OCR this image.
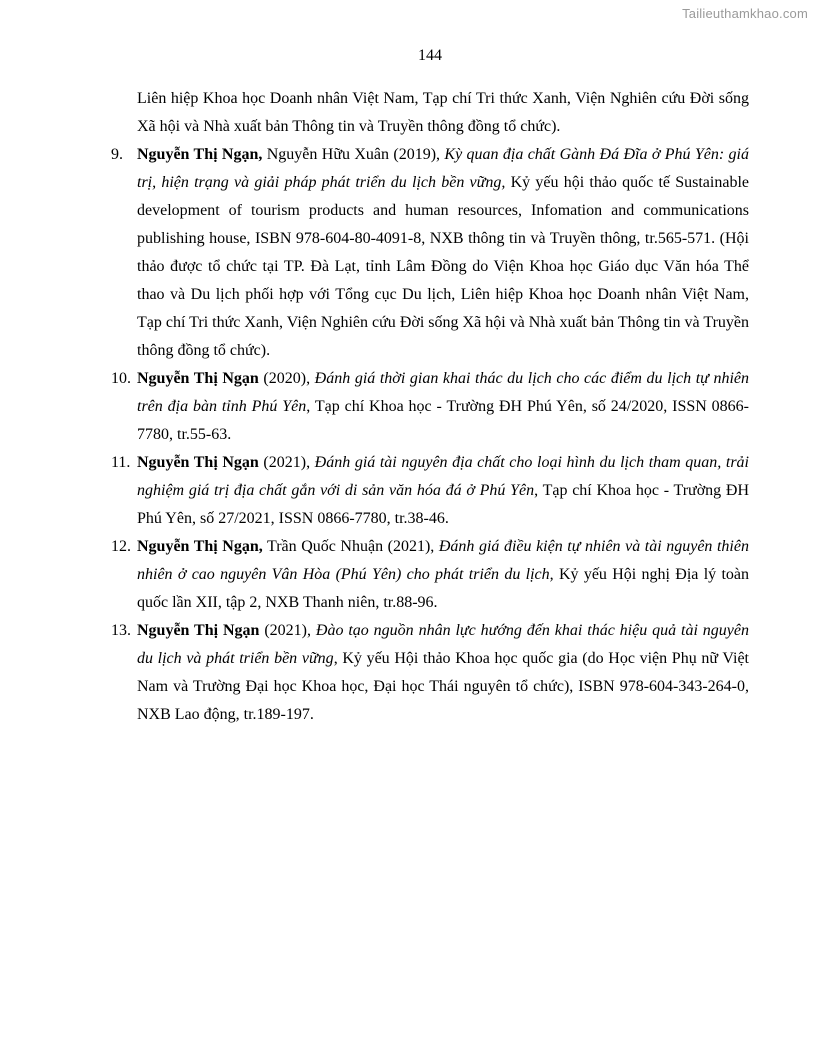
Tailieuthamkhao.com
144
Liên hiệp Khoa học Doanh nhân Việt Nam, Tạp chí Tri thức Xanh, Viện Nghiên cứu Đời sống Xã hội và Nhà xuất bản Thông tin và Truyền thông đồng tổ chức).
9. Nguyễn Thị Ngạn, Nguyễn Hữu Xuân (2019), Kỳ quan địa chất Gành Đá Đĩa ở Phú Yên: giá trị, hiện trạng và giải pháp phát triển du lịch bền vững, Kỷ yếu hội thảo quốc tế Sustainable development of tourism products and human resources, Infomation and communications publishing house, ISBN 978-604-80-4091-8, NXB thông tin và Truyền thông, tr.565-571. (Hội thảo được tổ chức tại TP. Đà Lạt, tỉnh Lâm Đồng do Viện Khoa học Giáo dục Văn hóa Thể thao và Du lịch phối hợp với Tổng cục Du lịch, Liên hiệp Khoa học Doanh nhân Việt Nam, Tạp chí Tri thức Xanh, Viện Nghiên cứu Đời sống Xã hội và Nhà xuất bản Thông tin và Truyền thông đồng tổ chức).
10. Nguyễn Thị Ngạn (2020), Đánh giá thời gian khai thác du lịch cho các điểm du lịch tự nhiên trên địa bàn tỉnh Phú Yên, Tạp chí Khoa học - Trường ĐH Phú Yên, số 24/2020, ISSN 0866-7780, tr.55-63.
11. Nguyễn Thị Ngạn (2021), Đánh giá tài nguyên địa chất cho loại hình du lịch tham quan, trải nghiệm giá trị địa chất gắn với di sản văn hóa đá ở Phú Yên, Tạp chí Khoa học - Trường ĐH Phú Yên, số 27/2021, ISSN 0866-7780, tr.38-46.
12. Nguyễn Thị Ngạn, Trần Quốc Nhuận (2021), Đánh giá điều kiện tự nhiên và tài nguyên thiên nhiên ở cao nguyên Vân Hòa (Phú Yên) cho phát triển du lịch, Kỷ yếu Hội nghị Địa lý toàn quốc lần XII, tập 2, NXB Thanh niên, tr.88-96.
13. Nguyễn Thị Ngạn (2021), Đào tạo nguồn nhân lực hướng đến khai thác hiệu quả tài nguyên du lịch và phát triển bền vững, Kỷ yếu Hội thảo Khoa học quốc gia (do Học viện Phụ nữ Việt Nam và Trường Đại học Khoa học, Đại học Thái nguyên tổ chức), ISBN 978-604-343-264-0, NXB Lao động, tr.189-197.
